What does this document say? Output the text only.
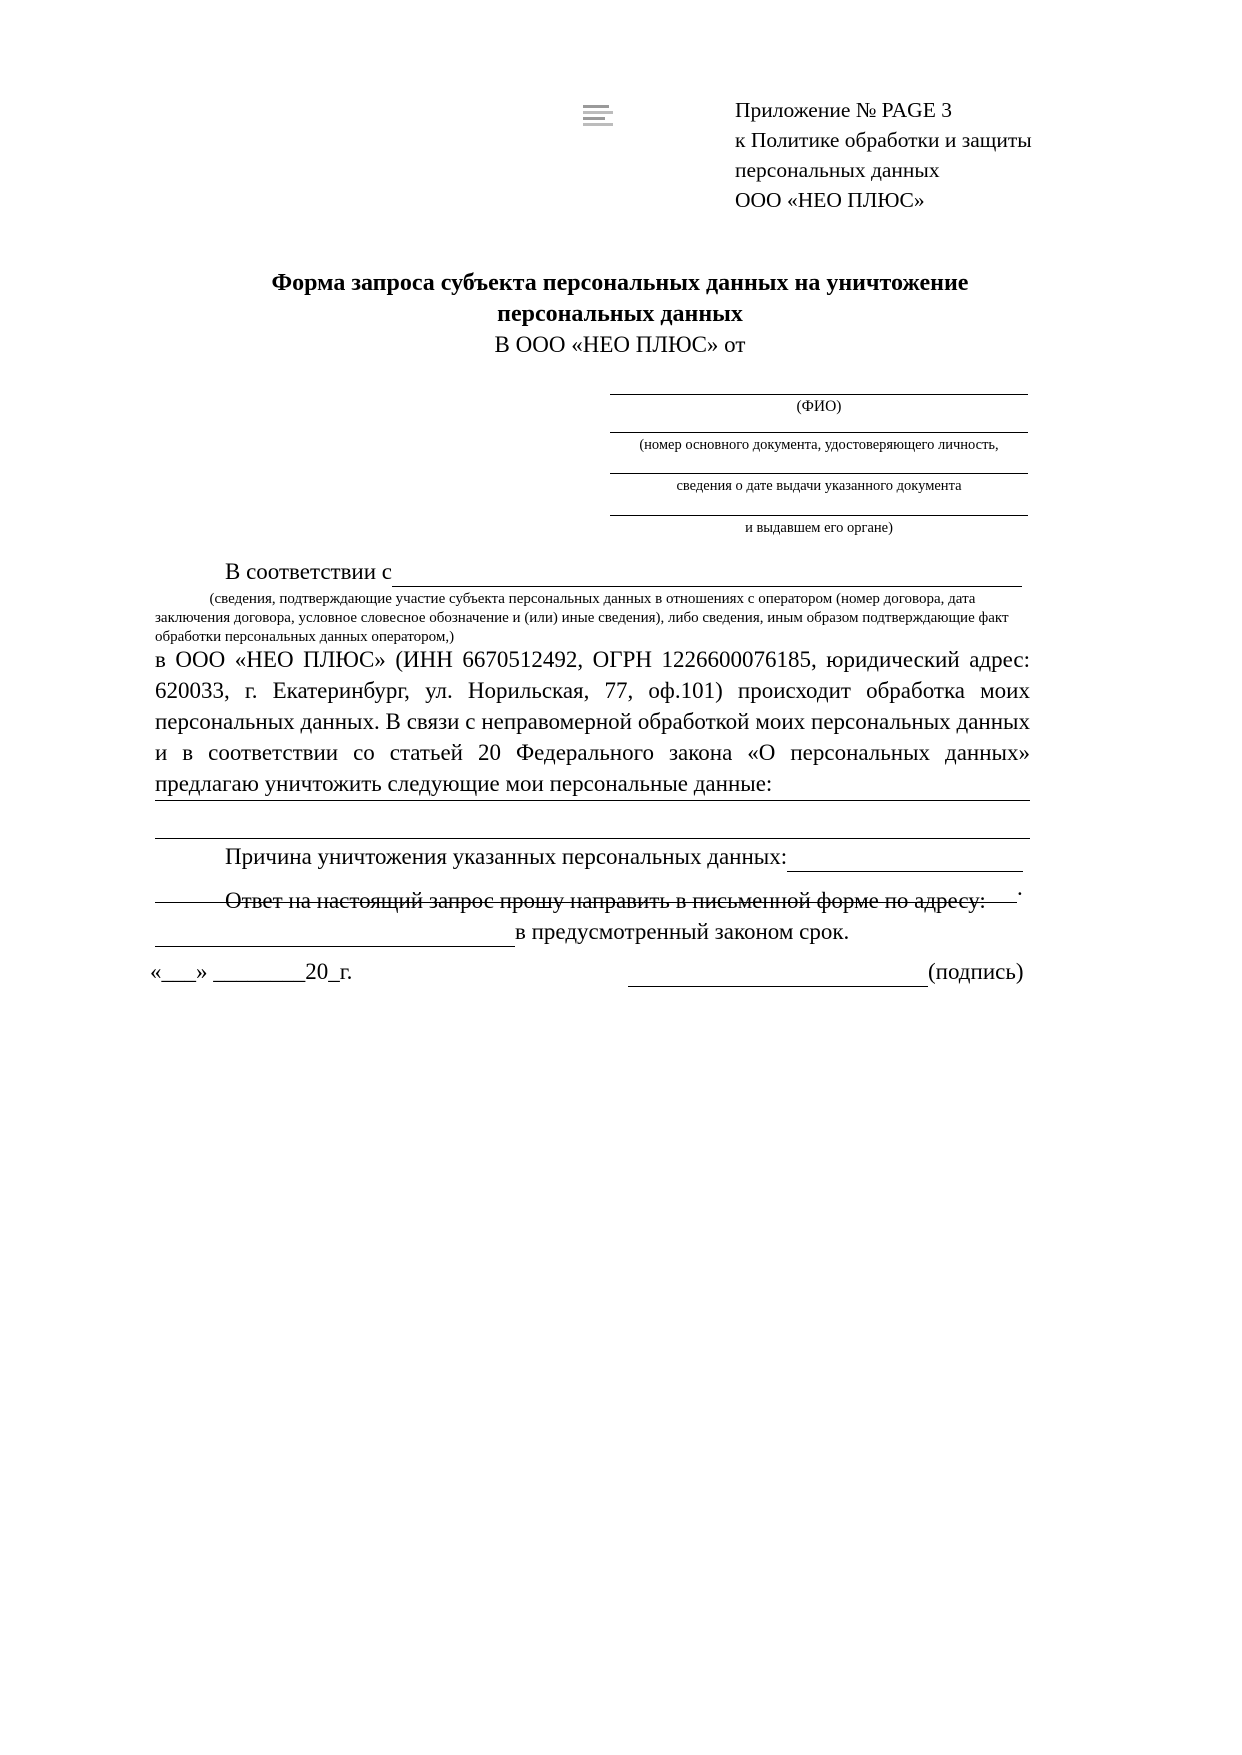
Приложение № PAGE 3
к Политике обработки и защиты
персональных данных
ООО «НЕО ПЛЮС»
Форма запроса субъекта персональных данных на уничтожение
персональных данных
В ООО «НЕО ПЛЮС» от
(ФИО)
(номер основного документа, удостоверяющего личность,
сведения о дате выдачи указанного документа
и выдавшем его органе)
В соответствии с
(сведения, подтверждающие участие субъекта персональных данных в отношениях с оператором (номер договора, дата
заключения договора, условное словесное обозначение и (или) иные сведения), либо сведения, иным образом подтверждающие факт
обработки персональных данных оператором,)
в ООО «НЕО ПЛЮС» (ИНН 6670512492, ОГРН 1226600076185, юридический адрес: 620033, г. Екатеринбург, ул. Норильская, 77, оф.101) происходит обработка моих персональных данных. В связи с неправомерной обработкой моих персональных данных и в соответствии со статьей 20 Федерального закона «О персональных данных» предлагаю уничтожить следующие мои персональные данные:
Причина уничтожения указанных персональных данных:
.
Ответ на настоящий запрос прошу направить в письменной форме по адресу:
в предусмотренный законом срок.
«___» ________20_г.	(подпись)
